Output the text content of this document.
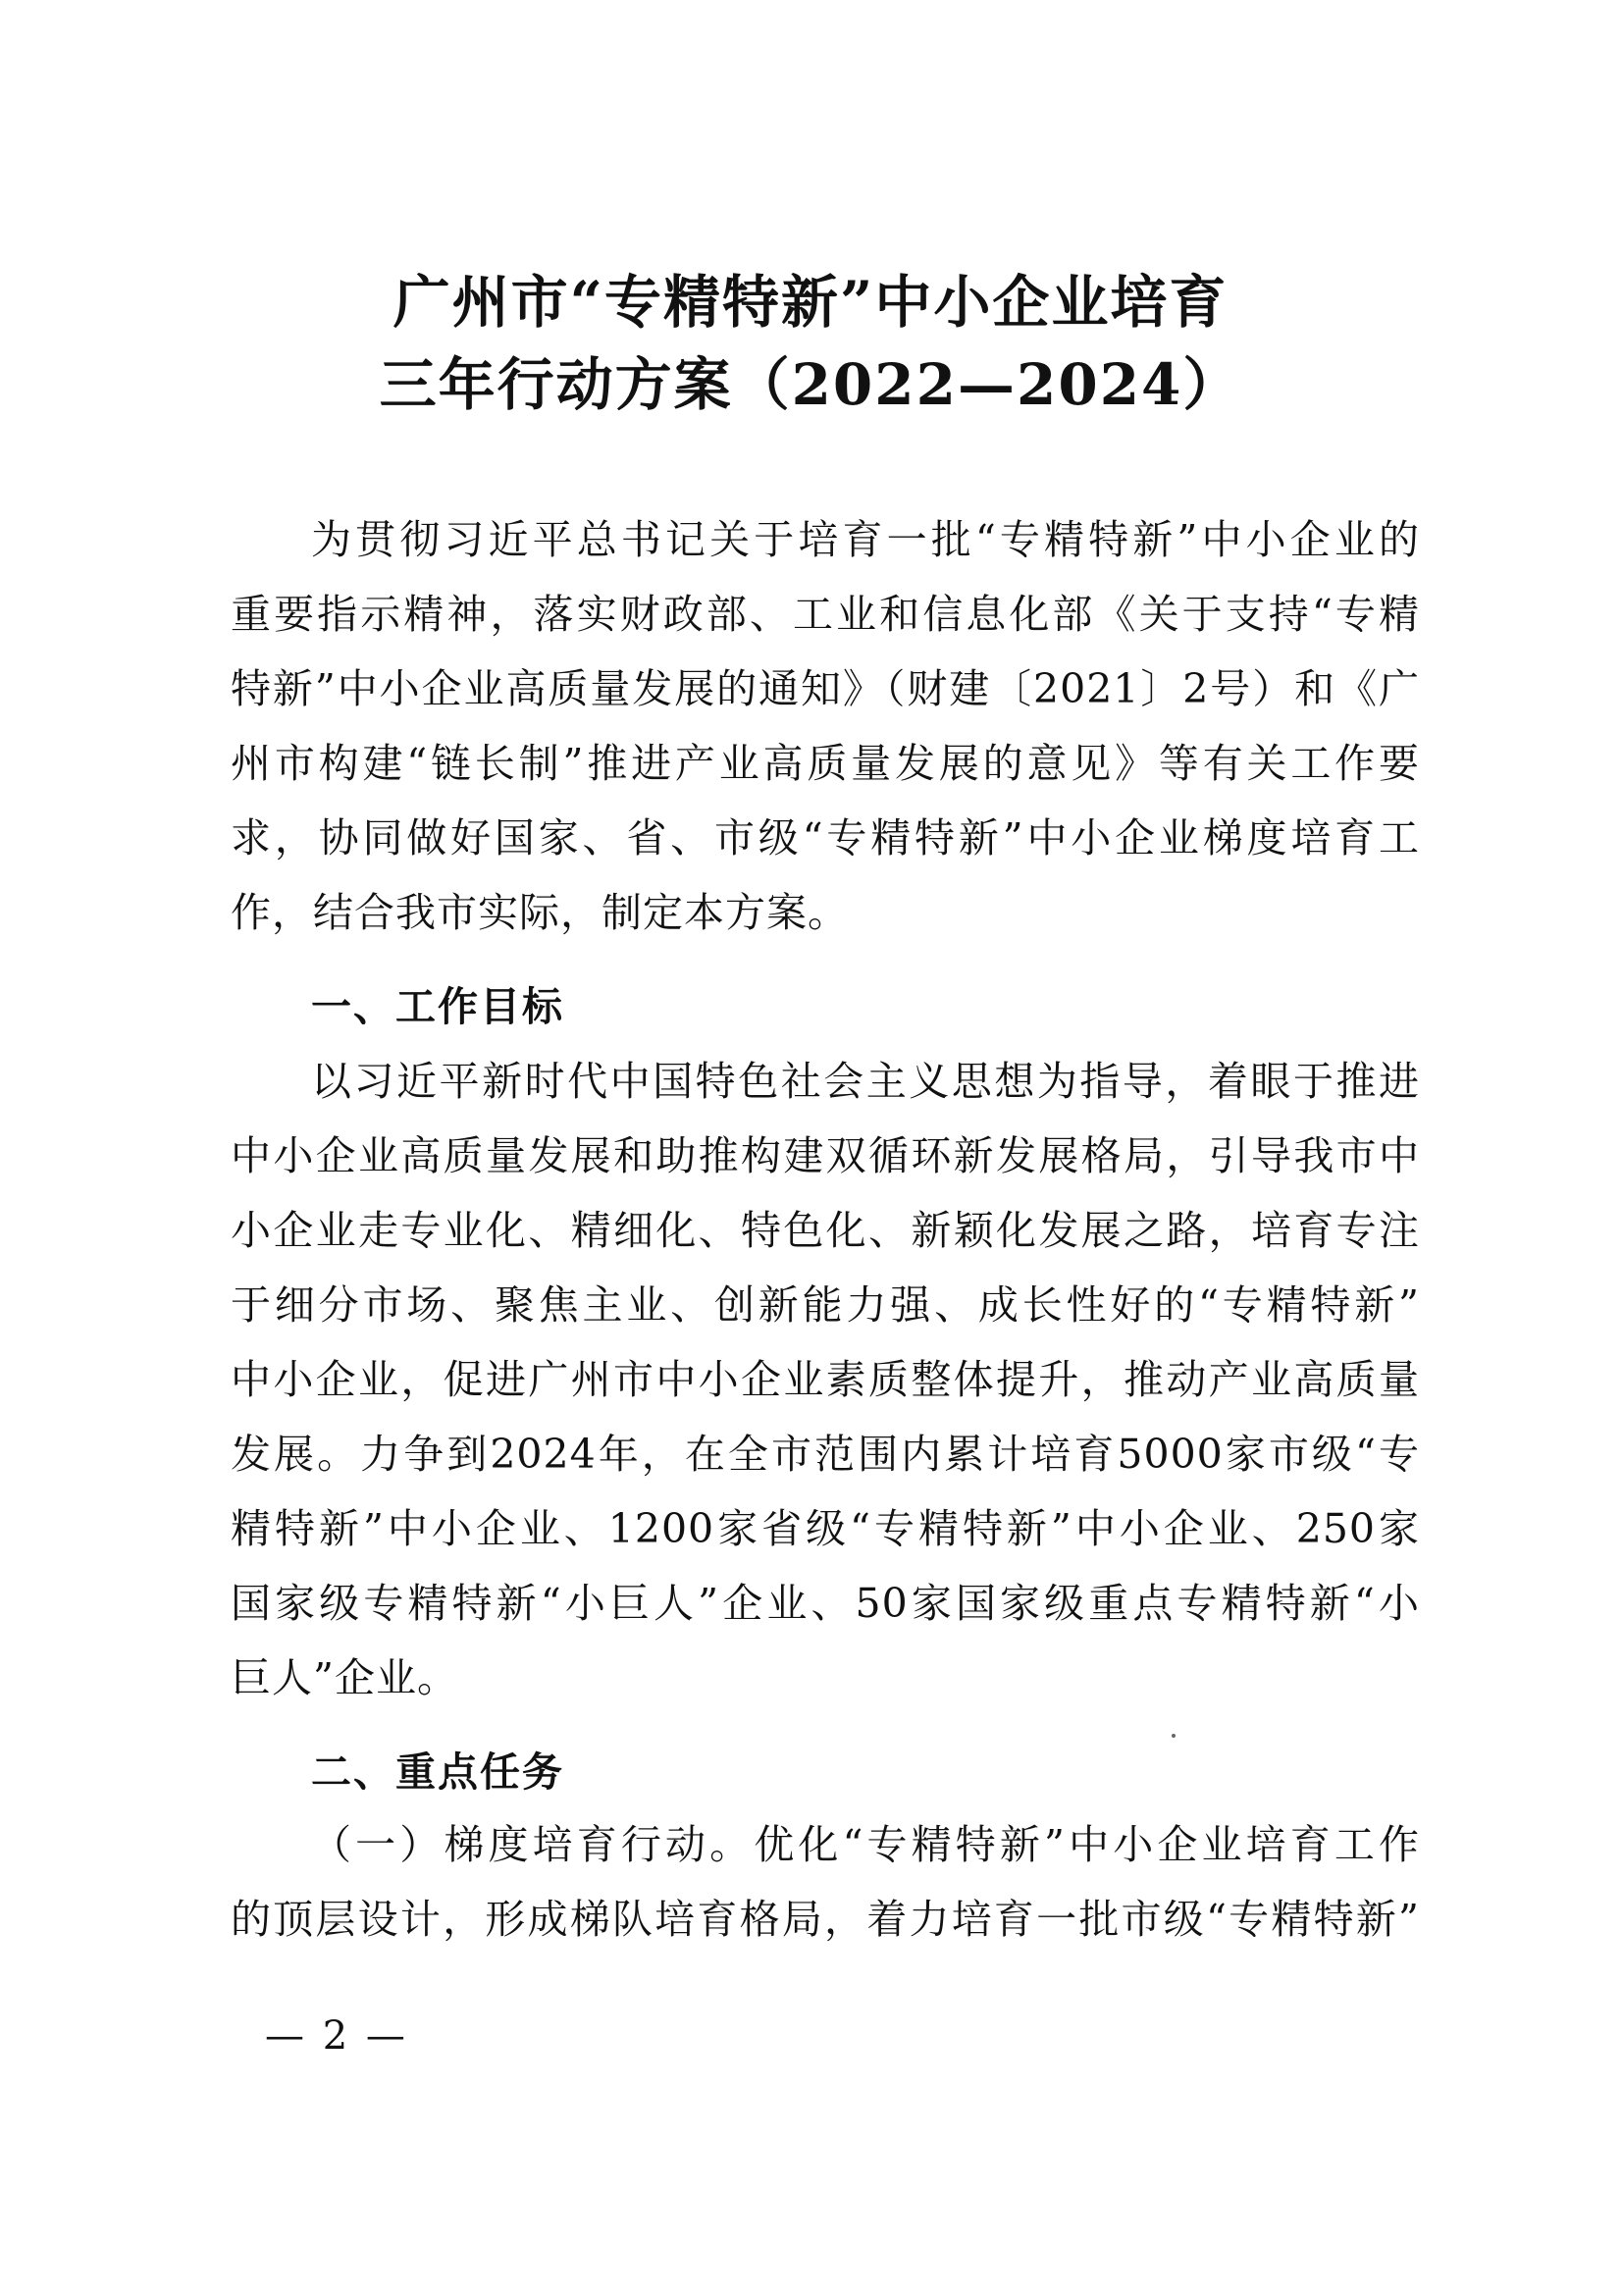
广州市“专精特新”中小企业培育
三年行动方案（2022—2024）
为贯彻习近平总书记关于培育一批“专精特新”中小企业的
重要指示精神，落实财政部、工业和信息化部《关于支持“专精
特新”中小企业高质量发展的通知》（财建〔2021〕2号）和《广
州市构建“链长制”推进产业高质量发展的意见》等有关工作要
求，协同做好国家、省、市级“专精特新”中小企业梯度培育工
作，结合我市实际，制定本方案。
一、工作目标
以习近平新时代中国特色社会主义思想为指导，着眼于推进
中小企业高质量发展和助推构建双循环新发展格局，引导我市中
小企业走专业化、精细化、特色化、新颖化发展之路，培育专注
于细分市场、聚焦主业、创新能力强、成长性好的“专精特新”
中小企业，促进广州市中小企业素质整体提升，推动产业高质量
发展。力争到2024年，在全市范围内累计培育5000家市级“专
精特新”中小企业、1200家省级“专精特新”中小企业、250家
国家级专精特新“小巨人”企业、50家国家级重点专精特新“小
巨人”企业。
二、重点任务
（一）梯度培育行动。优化“专精特新”中小企业培育工作
的顶层设计，形成梯队培育格局，着力培育一批市级“专精特新”
— 2 —
